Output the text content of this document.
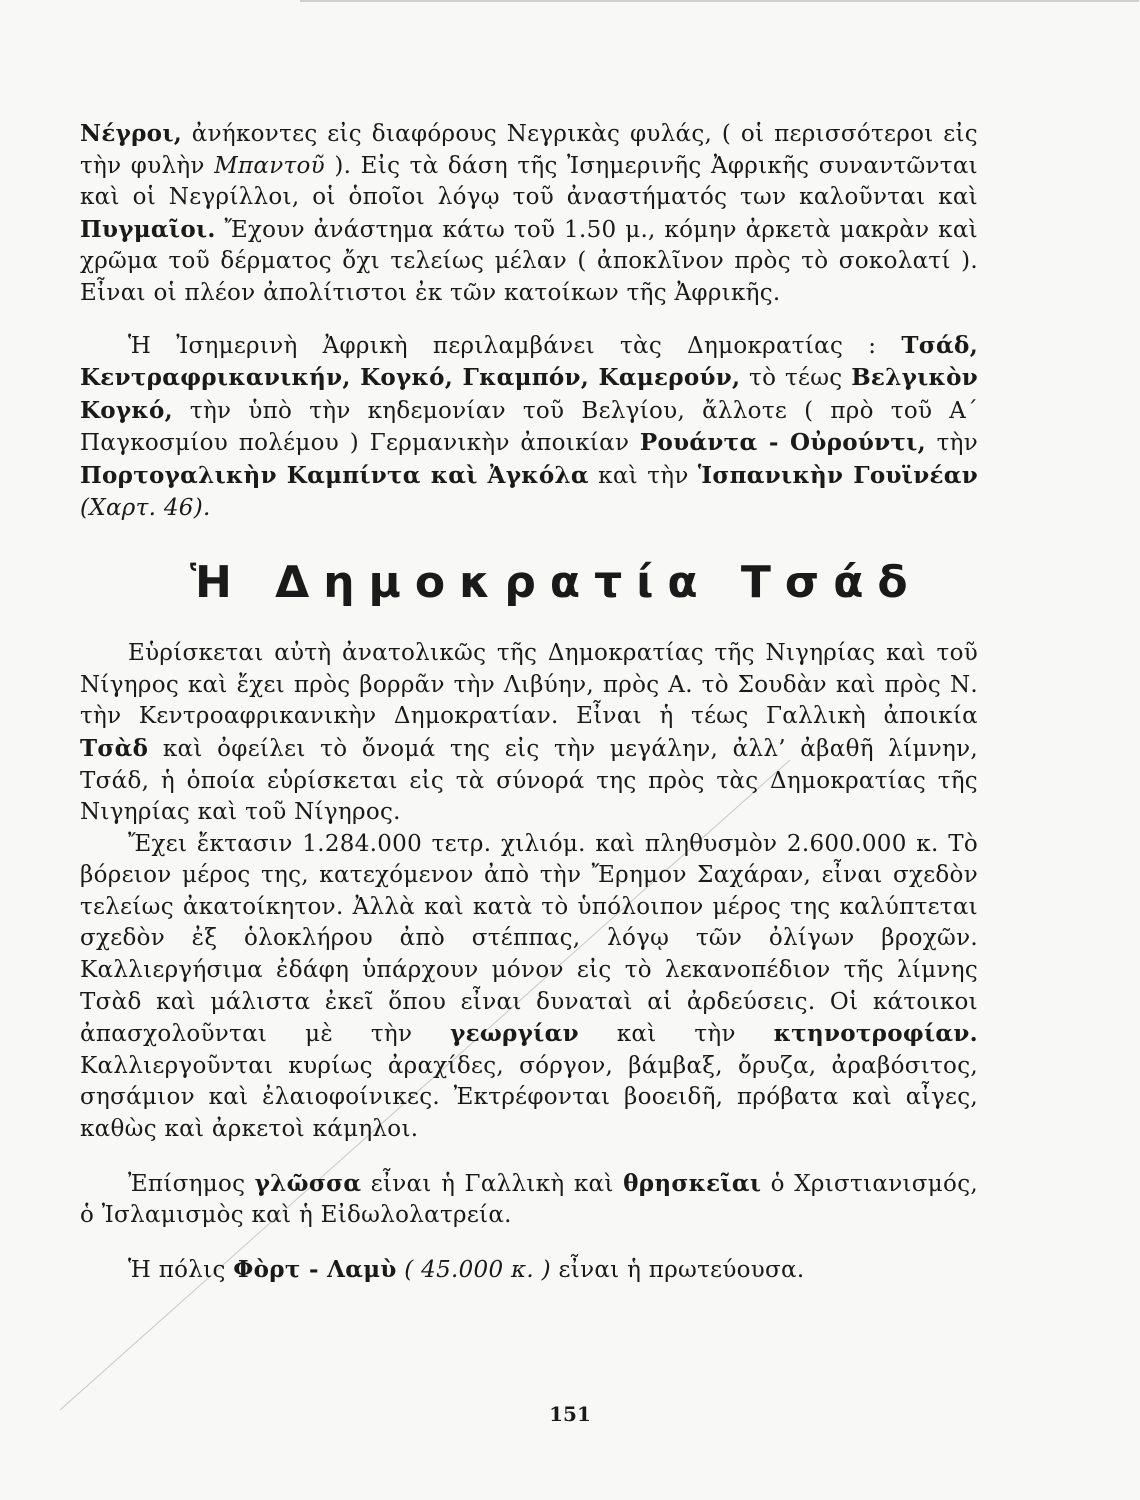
Νέγροι, ἀνήκοντες εἰς διαφόρους Νεγρικὰς φυλάς, ( οἱ περισσότεροι εἰς τὴν φυλὴν Μπαντοῦ ). Εἰς τὰ δάση τῆς Ἰσημερινῆς Ἀφρικῆς συναντῶνται καὶ οἱ Νεγρίλλοι, οἱ ὁποῖοι λόγῳ τοῦ ἀναστήματός των καλοῦνται καὶ Πυγμαῖοι. Ἔχουν ἀνάστημα κάτω τοῦ 1.50 μ., κόμην ἀρκετὰ μακρὰν καὶ χρῶμα τοῦ δέρματος ὄχι τελείως μέλαν ( ἀποκλῖνον πρὸς τὸ σοκολατί ). Εἶναι οἱ πλέον ἀπολίτιστοι ἐκ τῶν κατοίκων τῆς Ἀφρικῆς.

Ἡ Ἰσημερινὴ Ἀφρικὴ περιλαμβάνει τὰς Δημοκρατίας : Τσάδ, Κεντραφρικανικήν, Κογκό, Γκαμπόν, Καμερούν, τὸ τέως Βελγικὸν Κογκό, τὴν ὑπὸ τὴν κηδεμονίαν τοῦ Βελγίου, ἄλλοτε ( πρὸ τοῦ Α΄ Παγκοσμίου πολέμου ) Γερμανικὴν ἀποικίαν Ρουάντα - Οὐρούντι, τὴν Πορτογαλικὴν Καμπίντα καὶ Ἀγκόλα καὶ τὴν Ἱσπανικὴν Γουϊνέαν (Χαρτ. 46).

Ἡ Δημοκρατία Τσάδ

Εὑρίσκεται αὐτὴ ἀνατολικῶς τῆς Δημοκρατίας τῆς Νιγηρίας καὶ τοῦ Νίγηρος καὶ ἔχει πρὸς βορρᾶν τὴν Λιβύην, πρὸς Α. τὸ Σουδὰν καὶ πρὸς Ν. τὴν Κεντροαφρικανικὴν Δημοκρατίαν. Εἶναι ἡ τέως Γαλλικὴ ἀποικία Τσὰδ καὶ ὀφείλει τὸ ὄνομά της εἰς τὴν μεγάλην, ἀλλ’ ἀβαθῆ λίμνην, Τσάδ, ἡ ὁποία εὑρίσκεται εἰς τὰ σύνορά της πρὸς τὰς Δημοκρατίας τῆς Νιγηρίας καὶ τοῦ Νίγηρος.

Ἔχει ἔκτασιν 1.284.000 τετρ. χιλιόμ. καὶ πληθυσμὸν 2.600.000 κ. Τὸ βόρειον μέρος της, κατεχόμενον ἀπὸ τὴν Ἔρημον Σαχάραν, εἶναι σχεδὸν τελείως ἀκατοίκητον. Ἀλλὰ καὶ κατὰ τὸ ὑπόλοιπον μέρος της καλύπτεται σχεδὸν ἐξ ὁλοκλήρου ἀπὸ στέππας, λόγῳ τῶν ὀλίγων βροχῶν. Καλλιεργήσιμα ἐδάφη ὑπάρχουν μόνον εἰς τὸ λεκανοπέδιον τῆς λίμνης Τσὰδ καὶ μάλιστα ἐκεῖ ὅπου εἶναι δυναταὶ αἱ ἀρδεύσεις. Οἱ κάτοικοι ἀπασχολοῦνται μὲ τὴν γεωργίαν καὶ τὴν κτηνοτροφίαν. Καλλιεργοῦνται κυρίως ἀραχίδες, σόργον, βάμβαξ, ὄρυζα, ἀραβόσιτος, σησάμιον καὶ ἐλαιοφοίνικες. Ἐκτρέφονται βοοειδῆ, πρόβατα καὶ αἶγες, καθὼς καὶ ἀρκετοὶ κάμηλοι.

Ἐπίσημος γλῶσσα εἶναι ἡ Γαλλικὴ καὶ θρησκεῖαι ὁ Χριστιανισμός, ὁ Ἰσλαμισμὸς καὶ ἡ Εἰδωλολατρεία.

Ἡ πόλις Φὸρτ - Λαμὺ ( 45.000 κ. ) εἶναι ἡ πρωτεύουσα.

151
